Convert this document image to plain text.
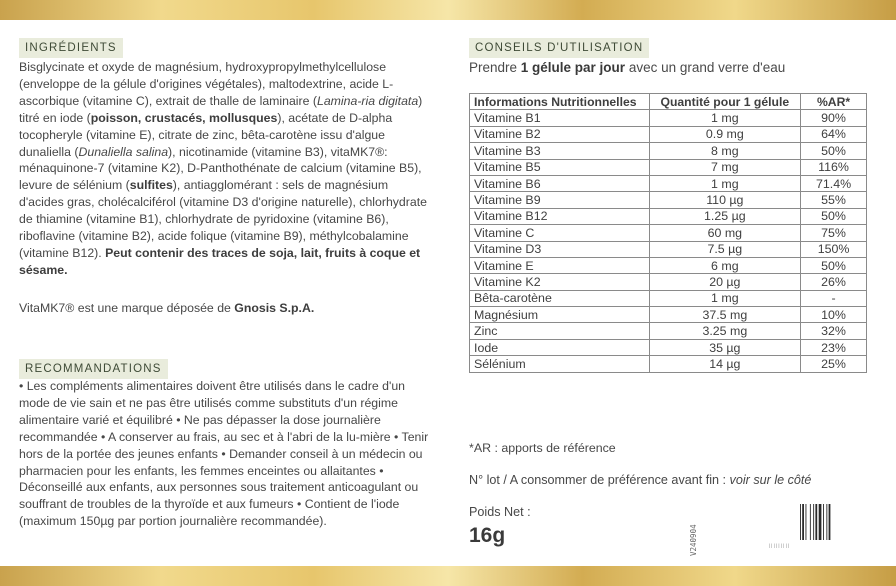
INGRÉDIENTS
Bisglycinate et oxyde de magnésium, hydroxypropylmethylcellulose (enveloppe de la gélule d'origines végétales), maltodextrine, acide L-ascorbique (vitamine C), extrait de thalle de laminaire (Lamina-ria digitata) titré en iode (poisson, crustacés, mollusques), acétate de D-alpha tocopheryle (vitamine E), citrate de zinc, bêta-carotène issu d'algue dunaliella (Dunaliella salina), nicotinamide (vitamine B3), vitaMK7®: ménaquinone-7 (vitamine K2), D-Panthothénate de calcium (vitamine B5), levure de sélénium (sulfites), antiagglomérant : sels de magnésium d'acides gras, cholécalciférol (vitamine D3 d'origine naturelle), chlorhydrate de thiamine (vitamine B1), chlorhydrate de pyridoxine (vitamine B6), riboflavine (vitamine B2), acide folique (vitamine B9), méthylcobalamine (vitamine B12). Peut contenir des traces de soja, lait, fruits à coque et sésame.
VitaMK7® est une marque déposée de Gnosis S.p.A.
RECOMMANDATIONS
• Les compléments alimentaires doivent être utilisés dans le cadre d'un mode de vie sain et ne pas être utilisés comme substituts d'un régime alimentaire varié et équilibré • Ne pas dépasser la dose journalière recommandée • A conserver au frais, au sec et à l'abri de la lu-mière • Tenir hors de la portée des jeunes enfants • Demander conseil à un médecin ou pharmacien pour les enfants, les femmes enceintes ou allaitantes • Déconseillé aux enfants, aux personnes sous traitement anticoagulant ou souffrant de troubles de la thyroïde et aux fumeurs • Contient de l'iode (maximum 150µg par portion journalière recommandée).
CONSEILS D'UTILISATION
Prendre 1 gélule par jour avec un grand verre d'eau
Informations Nutritionnelles	Quantité pour 1 gélule	%AR*
Vitamine B1	1 mg	90%
Vitamine B2	0.9 mg	64%
Vitamine B3	8 mg	50%
Vitamine B5	7 mg	116%
Vitamine B6	1 mg	71.4%
Vitamine B9	110 µg	55%
Vitamine B12	1.25 µg	50%
Vitamine C	60 mg	75%
Vitamine D3	7.5 µg	150%
Vitamine E	6 mg	50%
Vitamine K2	20 µg	26%
Bêta-carotène	1 mg	-
Magnésium	37.5 mg	10%
Zinc	3.25 mg	32%
Iode	35 µg	23%
Sélénium	14 µg	25%
*AR : apports de référence
N° lot / A consommer de préférence avant fin : voir sur le côté
Poids Net :
16g	V240904	|||||||||
